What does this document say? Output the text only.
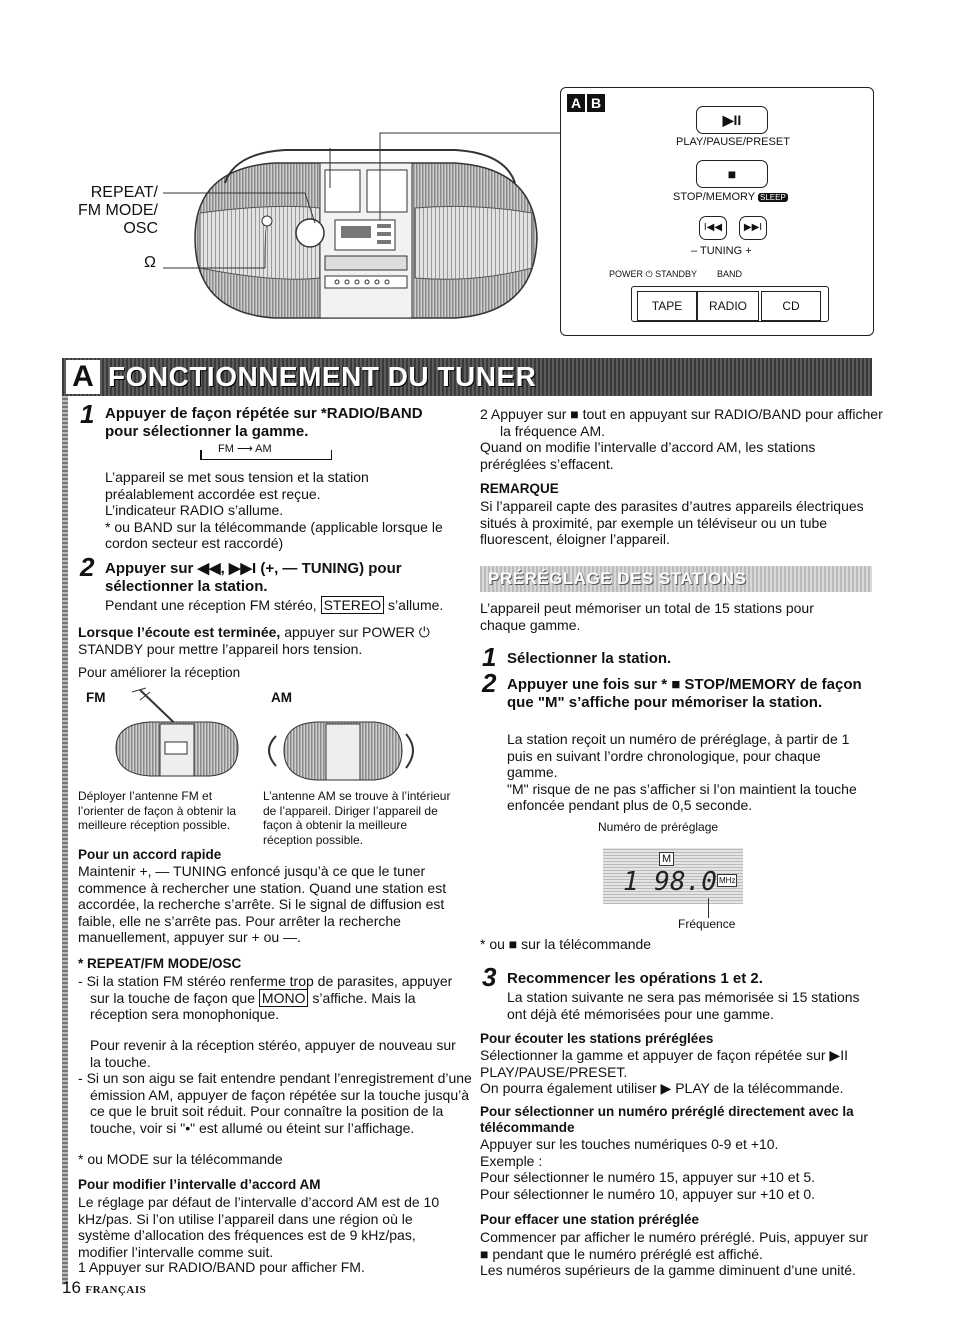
REPEAT/
FM MODE/
OSC
Ω
A B
▶II
PLAY/PAUSE/PRESET
■
STOP/MEMORY SLEEP
I◀◀	▶▶I
– TUNING +
POWER ⏻ STANDBY BAND
TAPE	RADIO	CD
A FONCTIONNEMENT DU TUNER
1 Appuyer de façon répétée sur *RADIO/BAND pour sélectionner la gamme.
FM ⟶ AM
L’appareil se met sous tension et la station préalablement accordée est reçue.
L’indicateur RADIO s’allume.
* ou BAND sur la télécommande (applicable lorsque le cordon secteur est raccordé)
2 Appuyer sur ◀◀, ▶▶I (+, — TUNING) pour sélectionner la station.
Pendant une réception FM stéréo, STEREO s’allume.
Lorsque l’écoute est terminée, appuyer sur POWER ⏻ STANDBY pour mettre l’appareil hors tension.
Pour améliorer la réception
FM	AM
Déployer l’antenne FM et l’orienter de façon à obtenir la meilleure réception possible.
L’antenne AM se trouve à l’intérieur de l’appareil. Diriger l’appareil de façon à obtenir la meilleure réception possible.
Pour un accord rapide
Maintenir +, — TUNING enfoncé jusqu’à ce que le tuner commence à rechercher une station. Quand une station est accordée, la recherche s’arrête. Si le signal de diffusion est faible, elle ne s’arrête pas. Pour arrêter la recherche manuellement, appuyer sur + ou —.
* REPEAT/FM MODE/OSC
- Si la station FM stéréo renferme trop de parasites, appuyer sur la touche de façon que MONO s’affiche. Mais la réception sera monophonique.
Pour revenir à la réception stéréo, appuyer de nouveau sur la touche.
- Si un son aigu se fait entendre pendant l’enregistrement d’une émission AM, appuyer de façon répétée sur la touche jusqu’à ce que le bruit soit réduit. Pour connaître la position de la touche, voir si "•" est allumé ou éteint sur l’affichage.
* ou MODE sur la télécommande
Pour modifier l’intervalle d’accord AM
Le réglage par défaut de l’intervalle d’accord AM est de 10 kHz/pas. Si l’on utilise l’appareil dans une région où le système d’allocation des fréquences est de 9 kHz/pas, modifier l’intervalle comme suit.
1 Appuyer sur RADIO/BAND pour afficher FM.
2 Appuyer sur ■ tout en appuyant sur RADIO/BAND pour afficher la fréquence AM.
Quand on modifie l’intervalle d’accord AM, les stations préréglées s’effacent.
REMARQUE
Si l’appareil capte des parasites d’autres appareils électriques situés à proximité, par exemple un téléviseur ou un tube fluorescent, éloigner l’appareil.
PRÉRÉGLAGE DES STATIONS
L’appareil peut mémoriser un total de 15 stations pour chaque gamme.
1 Sélectionner la station.
2 Appuyer une fois sur * ■ STOP/MEMORY de façon que "M" s’affiche pour mémoriser la station.
La station reçoit un numéro de préréglage, à partir de 1 puis en suivant l’ordre chronologique, pour chaque gamme.
"M" risque de ne pas s’afficher si l’on maintient la touche enfoncée pendant plus de 0,5 seconde.
Numéro de préréglage
M
1 98.0 MHz
Fréquence
* ou ■ sur la télécommande
3 Recommencer les opérations 1 et 2.
La station suivante ne sera pas mémorisée si 15 stations ont déjà été mémorisées pour une gamme.
Pour écouter les stations préréglées
Sélectionner la gamme et appuyer de façon répétée sur ▶II PLAY/PAUSE/PRESET.
On pourra également utiliser ▶ PLAY de la télécommande.
Pour sélectionner un numéro préréglé directement avec la télécommande
Appuyer sur les touches numériques 0-9 et +10.
Exemple :
Pour sélectionner le numéro 15, appuyer sur +10 et 5.
Pour sélectionner le numéro 10, appuyer sur +10 et 0.
Pour effacer une station préréglée
Commencer par afficher le numéro préréglé. Puis, appuyer sur ■ pendant que le numéro préréglé est affiché.
Les numéros supérieurs de la gamme diminuent d’une unité.
16 FRANÇAIS
